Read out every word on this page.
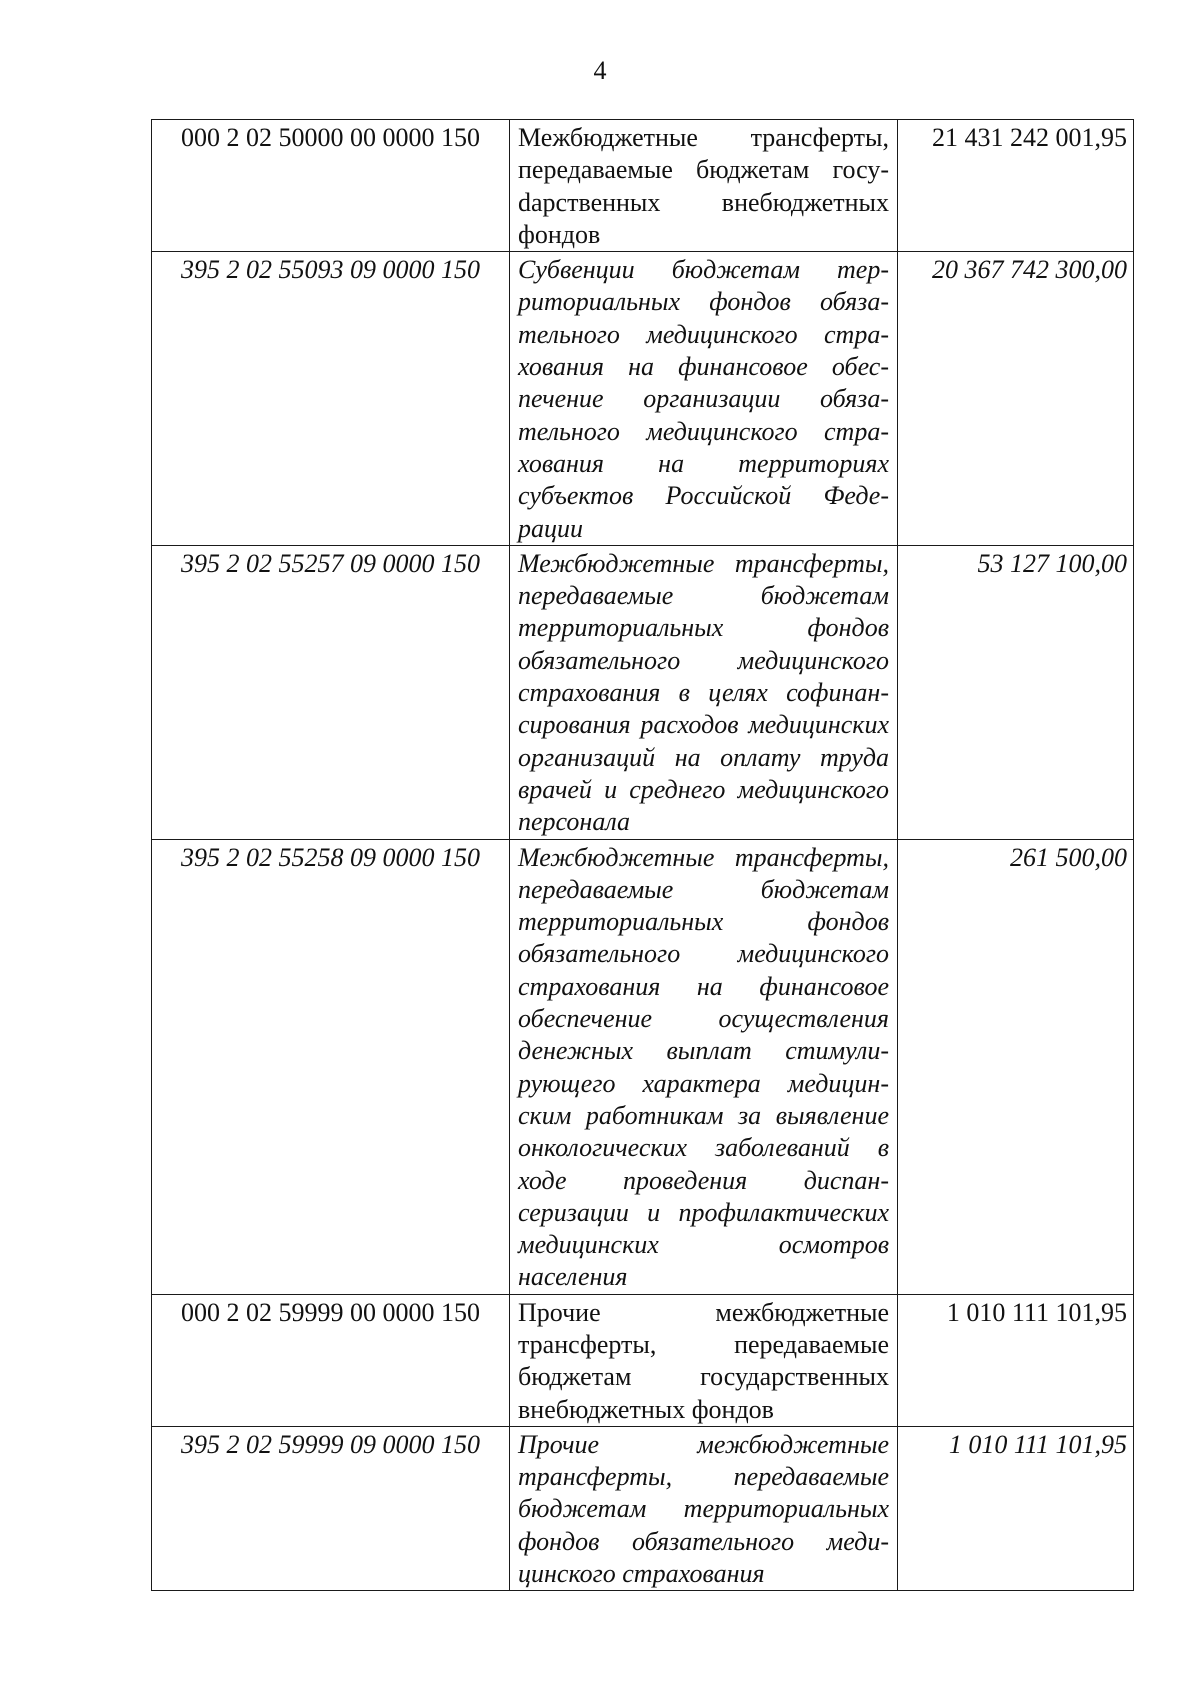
4
000 2 02 50000 00 0000 150	Межбюджетные трансферты, передаваемые бюджетам госуdарственных внебюджетных фондов	21 431 242 001,95
395 2 02 55093 09 0000 150	Субвенции бюджетам территориальных фондов обязательного медицинского страхования на финансовое обеспечение организации обязательного медицинского страхования на территориях субъектов Российской Федерации	20 367 742 300,00
395 2 02 55257 09 0000 150	Межбюджетные трансферты, передаваемые бюджетам территориальных фондов обязательного медицинского страхования в целях софинансирования расходов медицинских организаций на оплату труда врачей и среднего медицинского персонала	53 127 100,00
395 2 02 55258 09 0000 150	Межбюджетные трансферты, передаваемые бюджетам территориальных фондов обязательного медицинского страхования на финансовое обеспечение осуществления денежных выплат стимулирующего характера медицинским работникам за выявление онкологических заболеваний в ходе проведения диспансеризации и профилактических медицинских осмотров населения	261 500,00
000 2 02 59999 00 0000 150	Прочие межбюджетные трансферты, передаваемые бюджетам государственных внебюджетных фондов	1 010 111 101,95
395 2 02 59999 09 0000 150	Прочие межбюджетные трансферты, передаваемые бюджетам территориальных фондов обязательного медицинского страхования	1 010 111 101,95
